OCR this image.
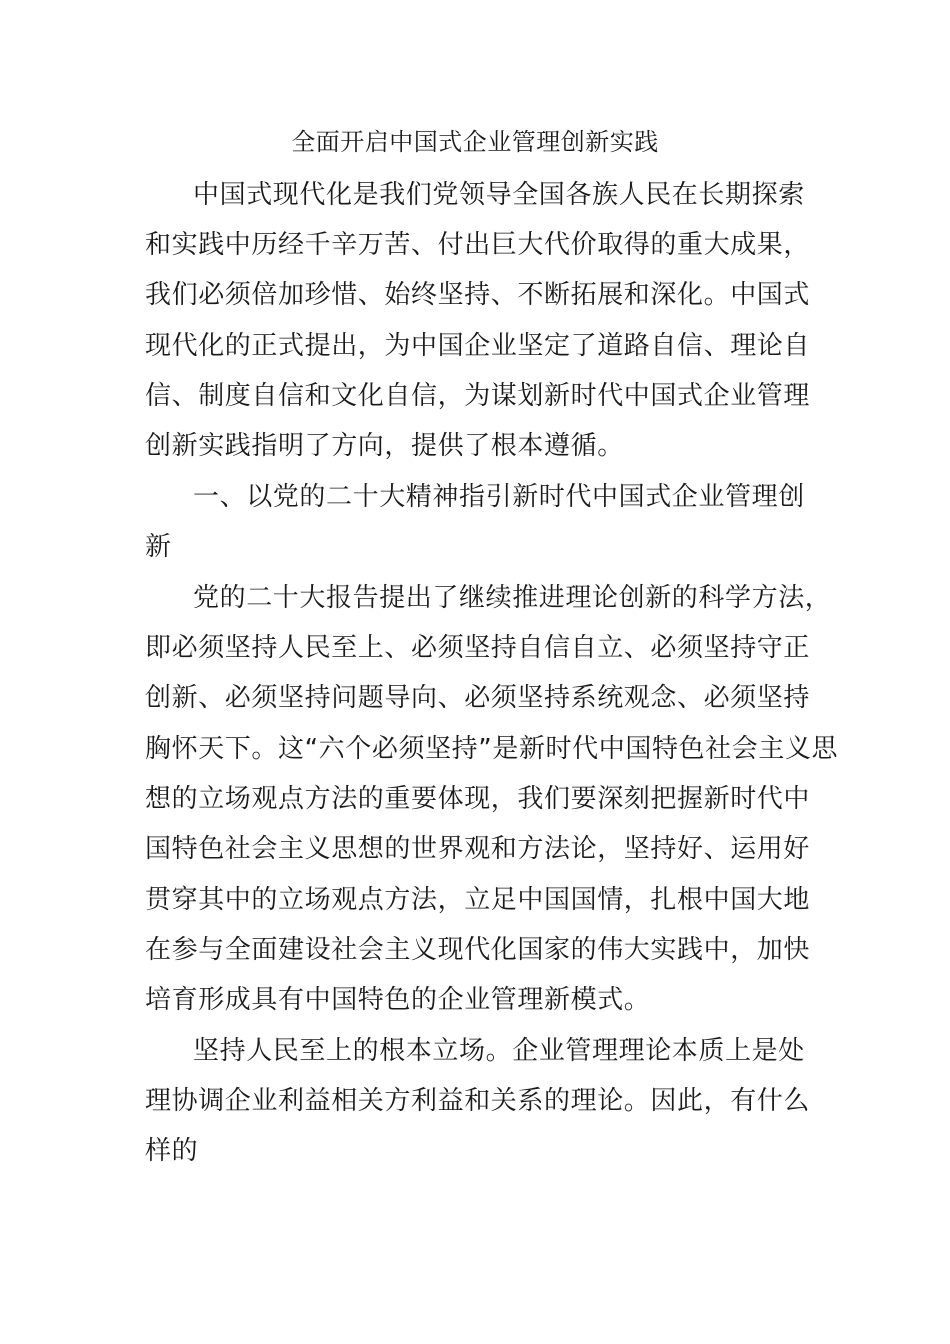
全面开启中国式企业管理创新实践
中国式现代化是我们党领导全国各族人民在长期探索
和实践中历经千辛万苦、付出巨大代价取得的重大成果，
我们必须倍加珍惜、始终坚持、不断拓展和深化。中国式
现代化的正式提出，为中国企业坚定了道路自信、理论自
信、制度自信和文化自信，为谋划新时代中国式企业管理
创新实践指明了方向，提供了根本遵循。
一、以党的二十大精神指引新时代中国式企业管理创
新
党的二十大报告提出了继续推进理论创新的科学方法，
即必须坚持人民至上、必须坚持自信自立、必须坚持守正
创新、必须坚持问题导向、必须坚持系统观念、必须坚持
胸怀天下。这“六个必须坚持”是新时代中国特色社会主义思
想的立场观点方法的重要体现，我们要深刻把握新时代中
国特色社会主义思想的世界观和方法论，坚持好、运用好
贯穿其中的立场观点方法，立足中国国情，扎根中国大地
在参与全面建设社会主义现代化国家的伟大实践中，加快
培育形成具有中国特色的企业管理新模式。
坚持人民至上的根本立场。企业管理理论本质上是处
理协调企业利益相关方利益和关系的理论。因此，有什么
样的
